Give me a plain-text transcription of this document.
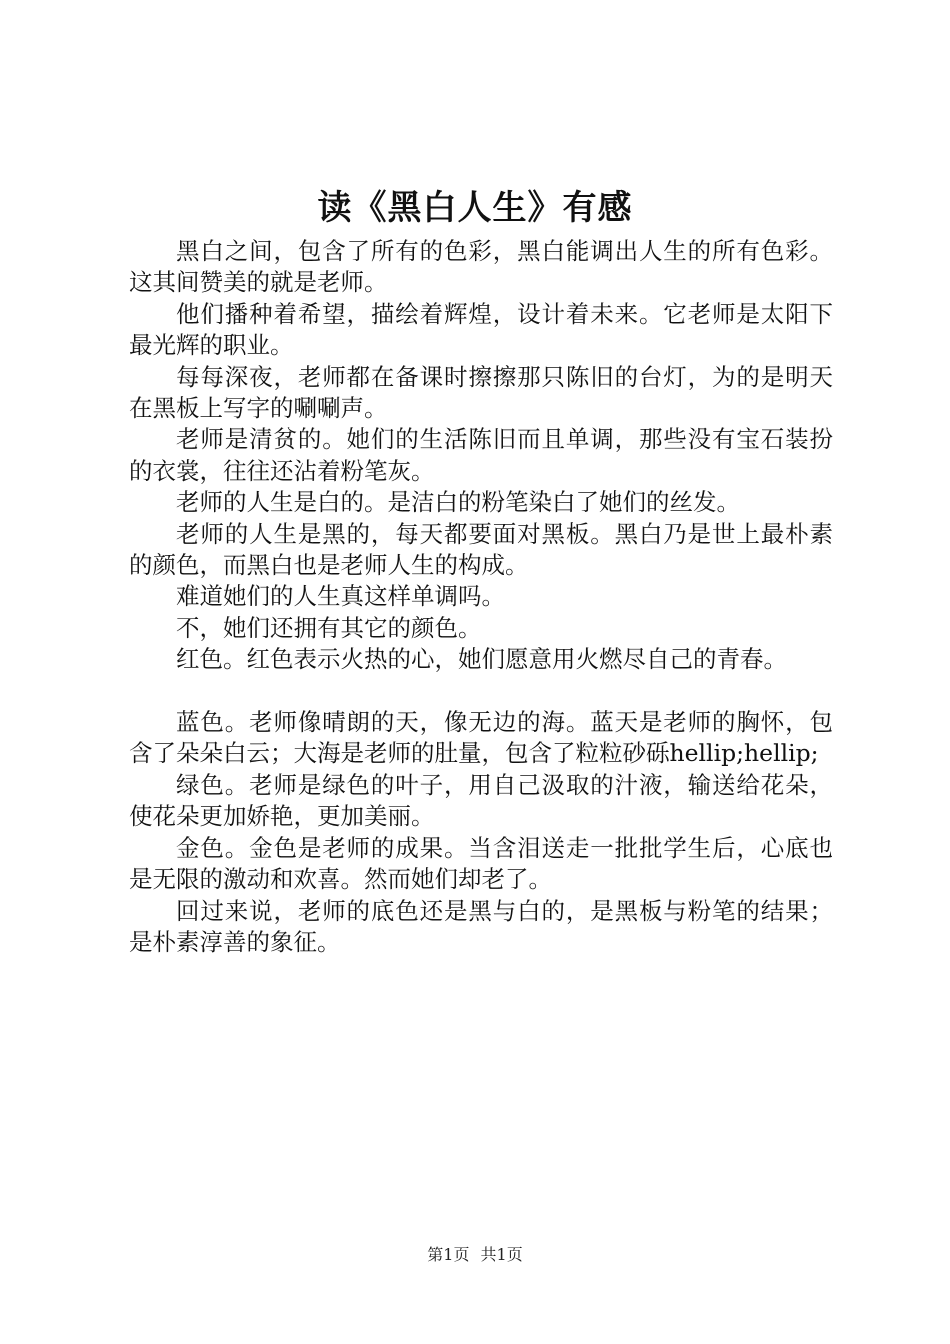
读《黑白人生》有感

黑白之间，包含了所有的色彩，黑白能调出人生的所有色彩。这其间赞美的就是老师。

他们播种着希望，描绘着辉煌，设计着未来。它老师是太阳下最光辉的职业。

每每深夜，老师都在备课时擦擦那只陈旧的台灯，为的是明天在黑板上写字的唰唰声。

老师是清贫的。她们的生活陈旧而且单调，那些没有宝石装扮的衣裳，往往还沾着粉笔灰。

老师的人生是白的。是洁白的粉笔染白了她们的丝发。

老师的人生是黑的，每天都要面对黑板。黑白乃是世上最朴素的颜色，而黑白也是老师人生的构成。

难道她们的人生真这样单调吗。

不，她们还拥有其它的颜色。

红色。红色表示火热的心，她们愿意用火燃尽自己的青春。

蓝色。老师像晴朗的天，像无边的海。蓝天是老师的胸怀，包含了朵朵白云；大海是老师的肚量，包含了粒粒砂砾hellip;hellip;

绿色。老师是绿色的叶子，用自己汲取的汁液，输送给花朵，使花朵更加娇艳，更加美丽。

金色。金色是老师的成果。当含泪送走一批批学生后，心底也是无限的激动和欢喜。然而她们却老了。

回过来说，老师的底色还是黑与白的，是黑板与粉笔的结果；是朴素淳善的象征。

第1页 共1页
